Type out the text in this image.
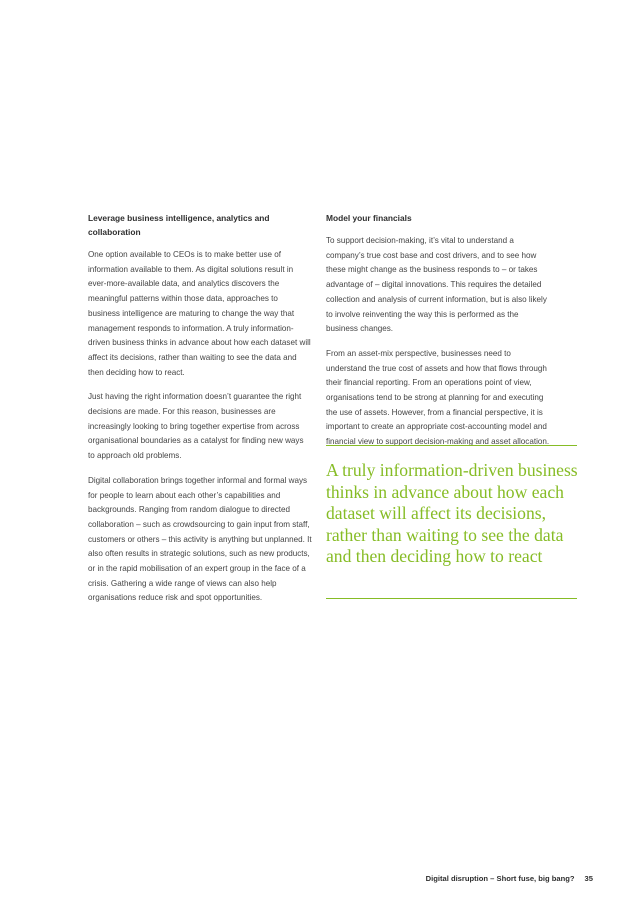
Leverage business intelligence, analytics and collaboration

One option available to CEOs is to make better use of information available to them. As digital solutions result in ever-more-available data, and analytics discovers the meaningful patterns within those data, approaches to business intelligence are maturing to change the way that management responds to information. A truly information-driven business thinks in advance about how each dataset will affect its decisions, rather than waiting to see the data and then deciding how to react.

Just having the right information doesn’t guarantee the right decisions are made. For this reason, businesses are increasingly looking to bring together expertise from across organisational boundaries as a catalyst for finding new ways to approach old problems.

Digital collaboration brings together informal and formal ways for people to learn about each other’s capabilities and backgrounds. Ranging from random dialogue to directed collaboration – such as crowdsourcing to gain input from staff, customers or others – this activity is anything but unplanned. It also often results in strategic solutions, such as new products, or in the rapid mobilisation of an expert group in the face of a crisis. Gathering a wide range of views can also help organisations reduce risk and spot opportunities.

Model your financials

To support decision-making, it’s vital to understand a company’s true cost base and cost drivers, and to see how these might change as the business responds to – or takes advantage of – digital innovations. This requires the detailed collection and analysis of current information, but is also likely to involve reinventing the way this is performed as the business changes.

From an asset-mix perspective, businesses need to understand the true cost of assets and how that flows through their financial reporting. From an operations point of view, organisations tend to be strong at planning for and executing the use of assets. However, from a financial perspective, it is important to create an appropriate cost-accounting model and financial view to support decision-making and asset allocation.

A truly information-driven business thinks in advance about how each dataset will affect its decisions, rather than waiting to see the data and then deciding how to react

Digital disruption – Short fuse, big bang? 35
